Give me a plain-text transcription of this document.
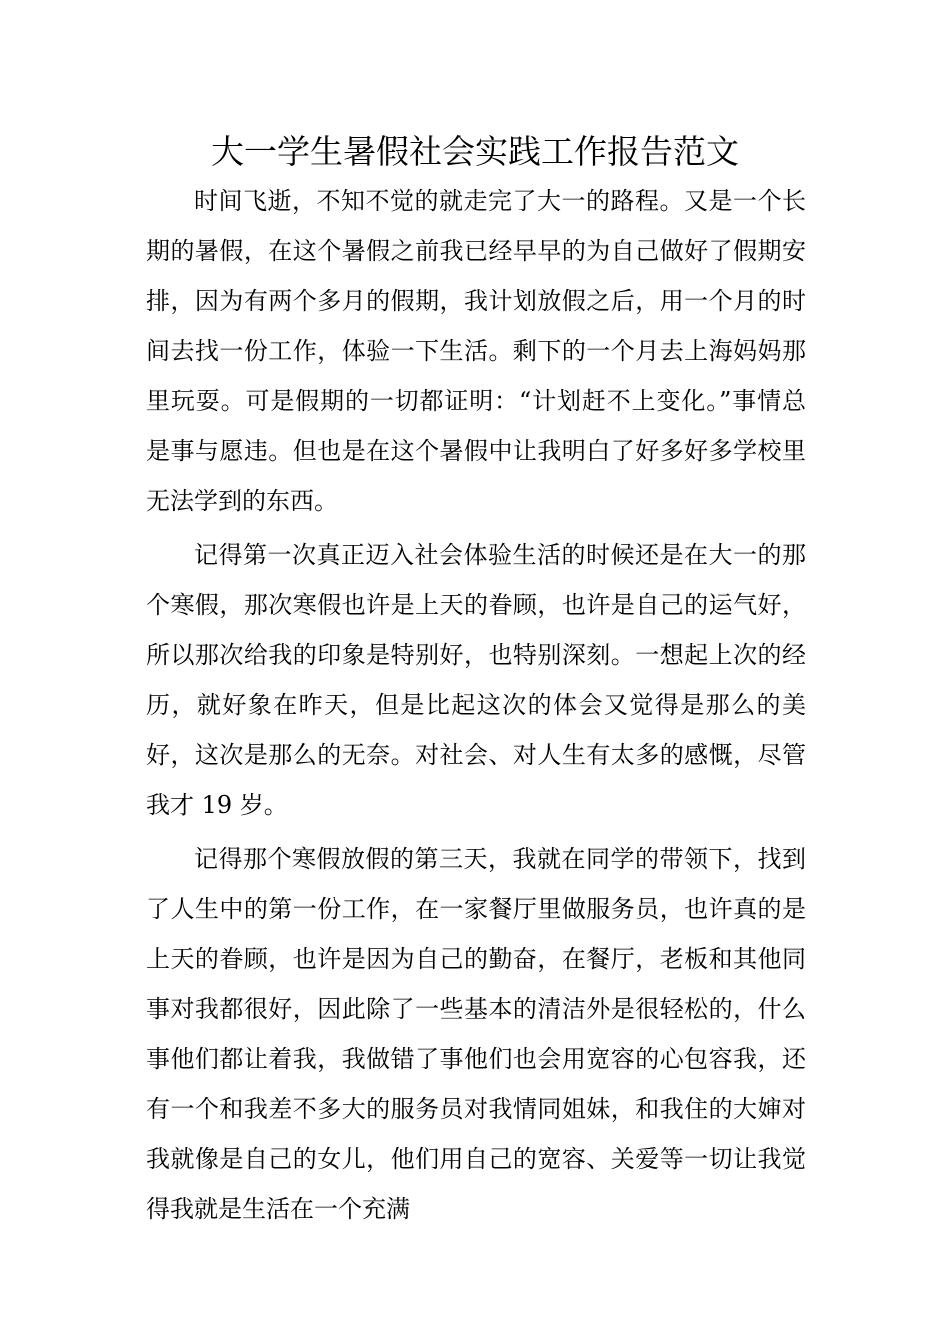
大一学生暑假社会实践工作报告范文

时间飞逝，不知不觉的就走完了大一的路程。又是一个长期的暑假，在这个暑假之前我已经早早的为自己做好了假期安排，因为有两个多月的假期，我计划放假之后，用一个月的时间去找一份工作，体验一下生活。剩下的一个月去上海妈妈那里玩耍。可是假期的一切都证明：“计划赶不上变化。”事情总是事与愿违。但也是在这个暑假中让我明白了好多好多学校里无法学到的东西。

记得第一次真正迈入社会体验生活的时候还是在大一的那个寒假，那次寒假也许是上天的眷顾，也许是自己的运气好，所以那次给我的印象是特别好，也特别深刻。一想起上次的经历，就好象在昨天，但是比起这次的体会又觉得是那么的美好，这次是那么的无奈。对社会、对人生有太多的感慨，尽管我才 19 岁。

记得那个寒假放假的第三天，我就在同学的带领下，找到了人生中的第一份工作，在一家餐厅里做服务员，也许真的是上天的眷顾，也许是因为自己的勤奋，在餐厅，老板和其他同事对我都很好，因此除了一些基本的清洁外是很轻松的，什么事他们都让着我，我做错了事他们也会用宽容的心包容我，还有一个和我差不多大的服务员对我情同姐妹，和我住的大婶对我就像是自己的女儿，他们用自己的宽容、关爱等一切让我觉得我就是生活在一个充满
